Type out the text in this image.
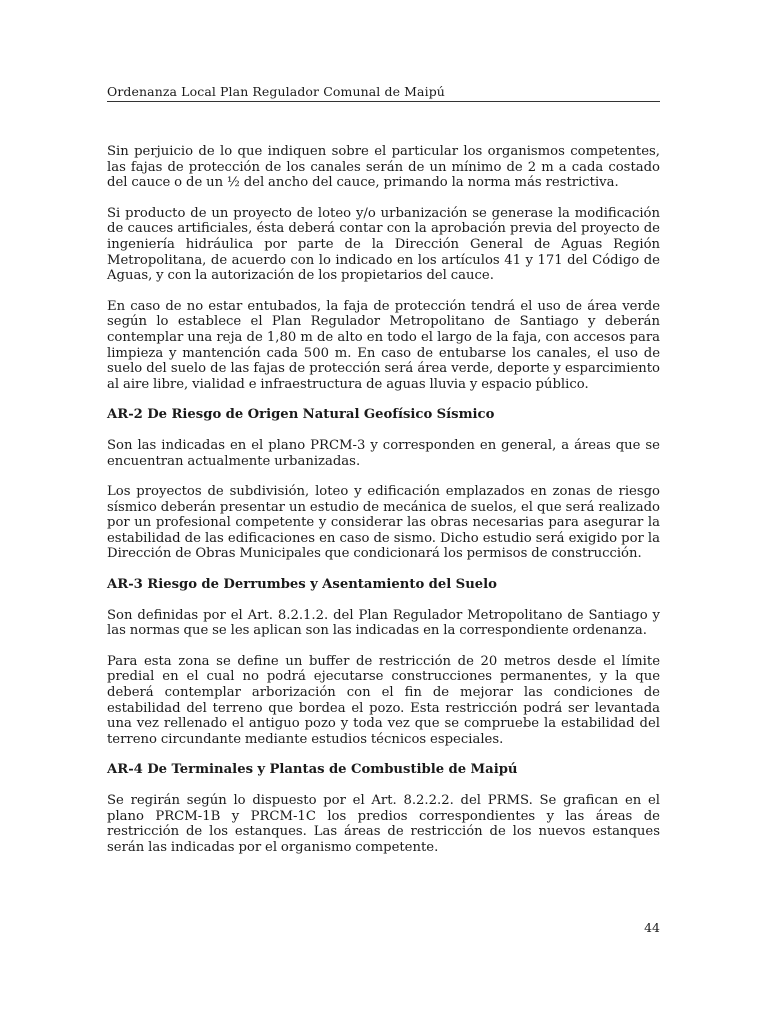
Ordenanza Local Plan Regulador Comunal de Maipú

Sin perjuicio de lo que indiquen sobre el particular los organismos competentes, las fajas de protección de los canales serán de un mínimo de 2 m a cada costado del cauce o de un ½ del ancho del cauce, primando la norma más restrictiva.

Si producto de un proyecto de loteo y/o urbanización se generase la modificación de cauces artificiales, ésta deberá contar con la aprobación previa del proyecto de ingeniería hidráulica por parte de la Dirección General de Aguas Región Metropolitana, de acuerdo con lo indicado en los artículos 41 y 171 del Código de Aguas, y con la autorización de los propietarios del cauce.

En caso de no estar entubados, la faja de protección tendrá el uso de área verde según lo establece el Plan Regulador Metropolitano de Santiago y deberán contemplar una reja de 1,80 m de alto en todo el largo de la faja, con accesos para limpieza y mantención cada 500 m. En caso de entubarse los canales, el uso de suelo del suelo de las fajas de protección será área verde, deporte y esparcimiento al aire libre, vialidad e infraestructura de aguas lluvia y espacio público.

AR-2 De Riesgo de Origen Natural Geofísico Sísmico

Son las indicadas en el plano PRCM-3 y corresponden en general, a áreas que se encuentran actualmente urbanizadas.

Los proyectos de subdivisión, loteo y edificación emplazados en zonas de riesgo sísmico deberán presentar un estudio de mecánica de suelos, el que será realizado por un profesional competente y considerar las obras necesarias para asegurar la estabilidad de las edificaciones en caso de sismo. Dicho estudio será exigido por la Dirección de Obras Municipales que condicionará los permisos de construcción.

AR-3 Riesgo de Derrumbes y Asentamiento del Suelo

Son definidas por el Art. 8.2.1.2. del Plan Regulador Metropolitano de Santiago y las normas que se les aplican son las indicadas en la correspondiente ordenanza.

Para esta zona se define un buffer de restricción de 20 metros desde el límite predial en el cual no podrá ejecutarse construcciones permanentes, y la que deberá contemplar arborización con el fin de mejorar las condiciones de estabilidad del terreno que bordea el pozo. Esta restricción podrá ser levantada una vez rellenado el antiguo pozo y toda vez que se compruebe la estabilidad del terreno circundante mediante estudios técnicos especiales.

AR-4 De Terminales y Plantas de Combustible de Maipú

Se regirán según lo dispuesto por el Art. 8.2.2.2. del PRMS. Se grafican en el plano PRCM-1B y PRCM-1C los predios correspondientes y las áreas de restricción de los estanques. Las áreas de restricción de los nuevos estanques serán las indicadas por el organismo competente.

44
